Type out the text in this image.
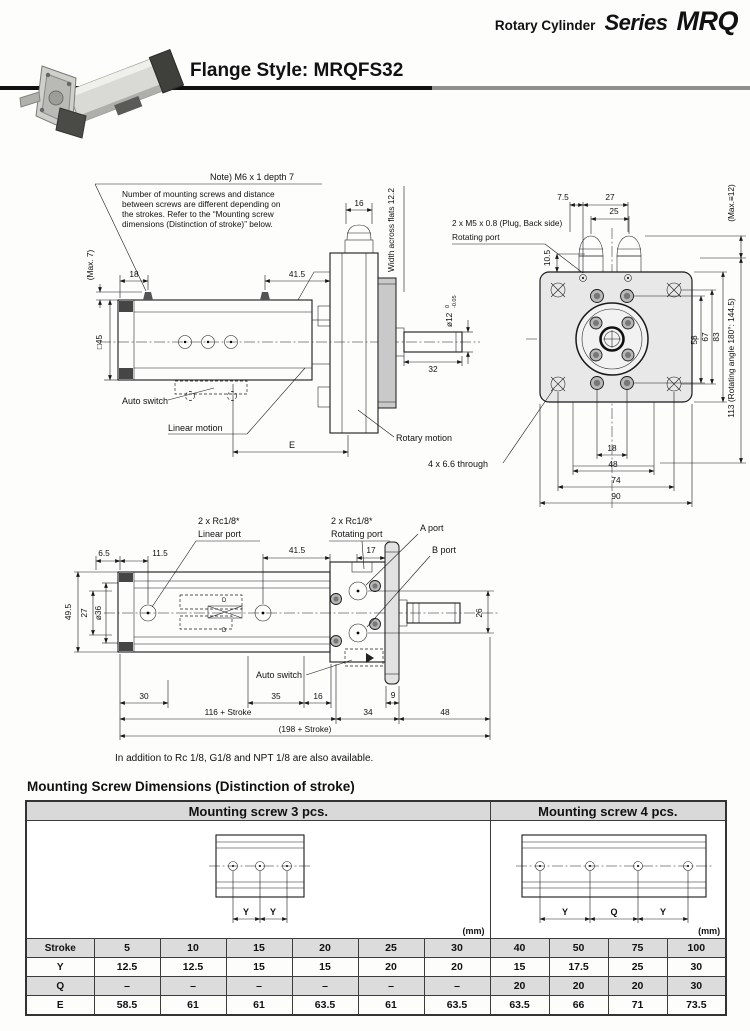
Rotary Cylinder Series MRQ
Flange Style: MRQFS32
Note) M6 x 1 depth 7
Number of mounting screws and distance
between screws are different depending on
the strokes. Refer to the “Mounting screw
dimensions (Distinction of stroke)” below.
Auto switch
Linear motion
Rotary motion
18	41.5
16
(Max. 7)
□45
Width across flats 12.2
ø12
0 -0.05
32
E
2 x M5 x 0.8 (Plug, Back side)
Rotating port
7.5	27
25
10.5
58 67 83
(Max.≡12)
113 (Rotating angle 180°: 144.5)
18
48
74
90
4 x 6.6 through
D
D
Auto switch
2 x Rc1/8*
Linear port
2 x Rc1/8*
Rotating port
A port
B port
6.5	11.5	41.5	17
49.5 27 ø36	26
30	35	16	9
116 + Stroke	34	48
(198 + Stroke)
In addition to Rc 1/8, G1/8 and NPT 1/8 are also available.
Mounting Screw Dimensions (Distinction of stroke)
Mounting screw 3 pcs.							Mounting screw 4 pcs.			

Y Y
(mm)							Y Q Y
(mm)			

Stroke	5	10	15	20	25	30	40	50	75	100
Y	12.5	12.5	15	15	20	20	15	17.5	25	30
Q	–	–	–	–	–	–	20	20	20	30
E	58.5	61	61	63.5	61	63.5	63.5	66	71	73.5
